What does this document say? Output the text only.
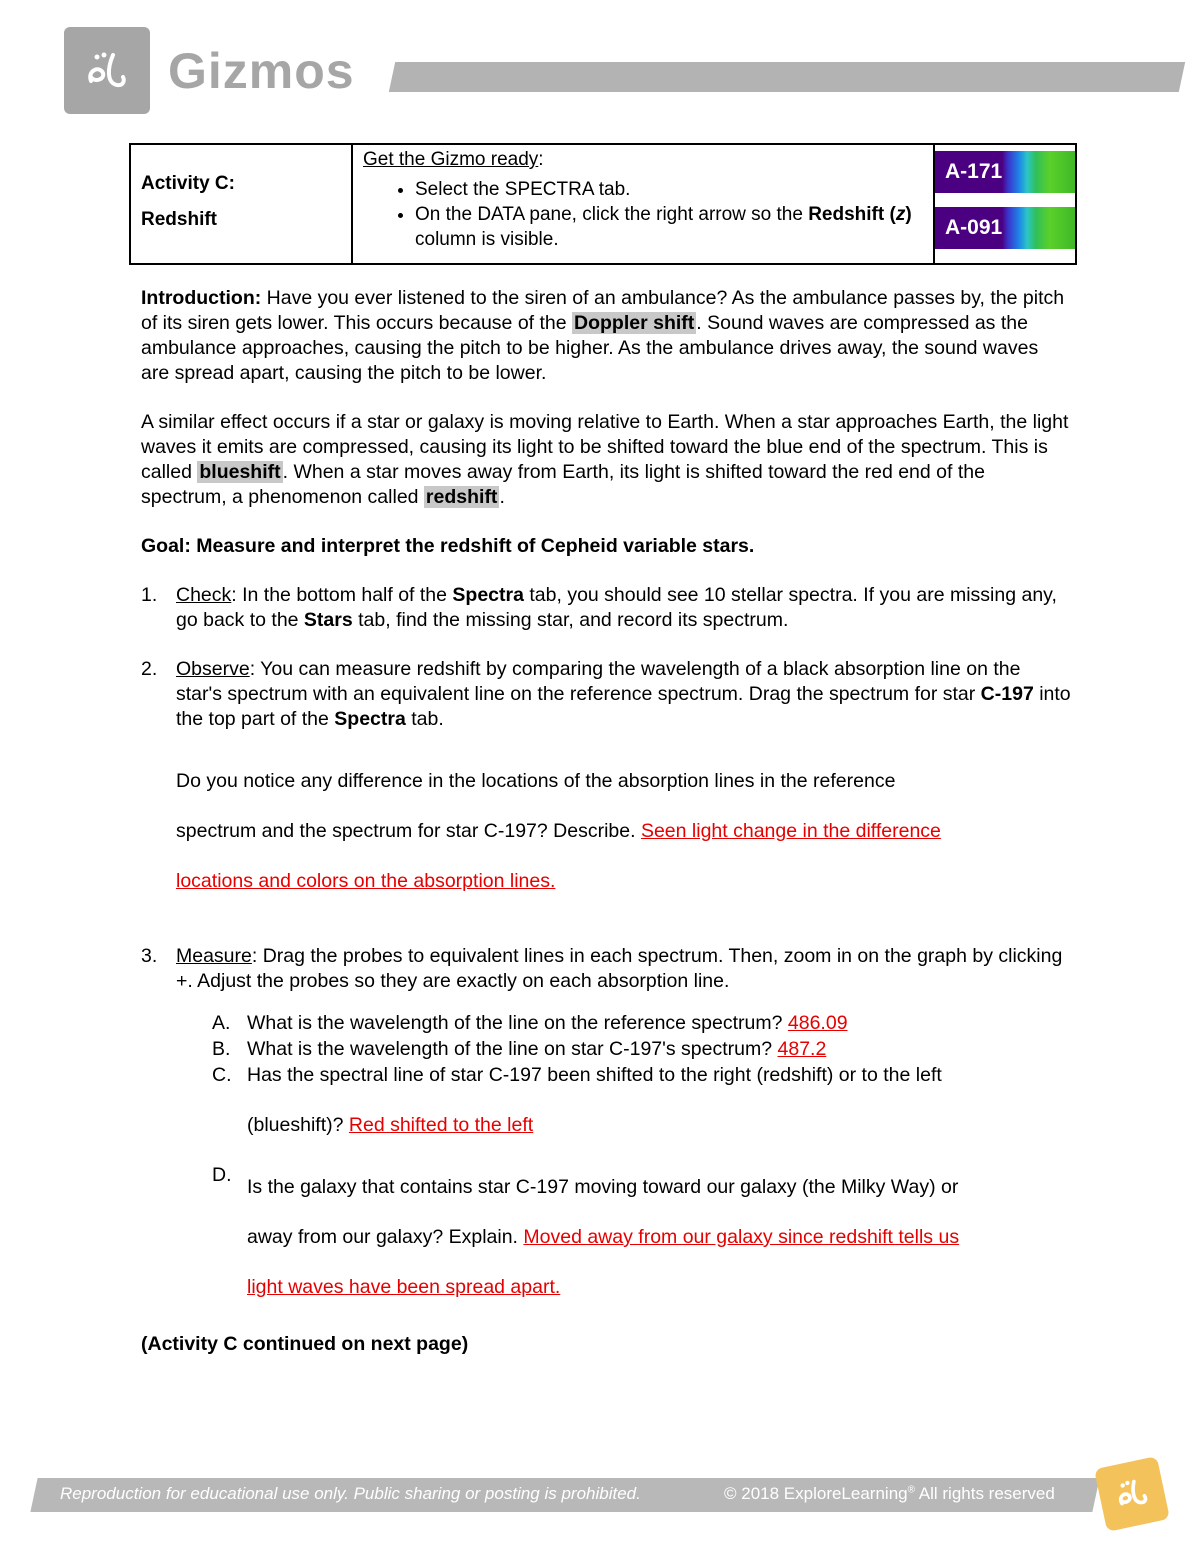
Gizmos
Activity C:
Redshift

Get the Gizmo ready:
• Select the SPECTRA tab.
• On the DATA pane, click the right arrow so the Redshift (z) column is visible.

A-171
A-091

Introduction: Have you ever listened to the siren of an ambulance? As the ambulance passes by, the pitch of its siren gets lower. This occurs because of the Doppler shift . Sound waves are compressed as the ambulance approaches, causing the pitch to be higher. As the ambulance drives away, the sound waves are spread apart, causing the pitch to be lower.

A similar effect occurs if a star or galaxy is moving relative to Earth. When a star approaches Earth, the light waves it emits are compressed, causing its light to be shifted toward the blue end of the spectrum. This is called blueshift . When a star moves away from Earth, its light is shifted toward the red end of the spectrum, a phenomenon called redshift .

Goal: Measure and interpret the redshift of Cepheid variable stars.

1. Check: In the bottom half of the Spectra tab, you should see 10 stellar spectra. If you are missing any, go back to the Stars tab, find the missing star, and record its spectrum.
2. Observe: You can measure redshift by comparing the wavelength of a black absorption line on the star's spectrum with an equivalent line on the reference spectrum. Drag the spectrum for star C-197 into the top part of the Spectra tab.
Do you notice any difference in the locations of the absorption lines in the reference
spectrum and the spectrum for star C-197? Describe. Seen light change in the difference
locations and colors on the absorption lines.
3. Measure: Drag the probes to equivalent lines in each spectrum. Then, zoom in on the graph by clicking +. Adjust the probes so they are exactly on each absorption line.
A. What is the wavelength of the line on the reference spectrum? 486.09
B. What is the wavelength of the line on star C-197's spectrum? 487.2
C. Has the spectral line of star C-197 been shifted to the right (redshift) or to the left
(blueshift)? Red shifted to the left
D.
Is the galaxy that contains star C-197 moving toward our galaxy (the Milky Way) or
away from our galaxy? Explain. Moved away from our galaxy since redshift tells us
light waves have been spread apart.

(Activity C continued on next page)

Reproduction for educational use only. Public sharing or posting is prohibited.	© 2018 ExploreLearning® All rights reserved
